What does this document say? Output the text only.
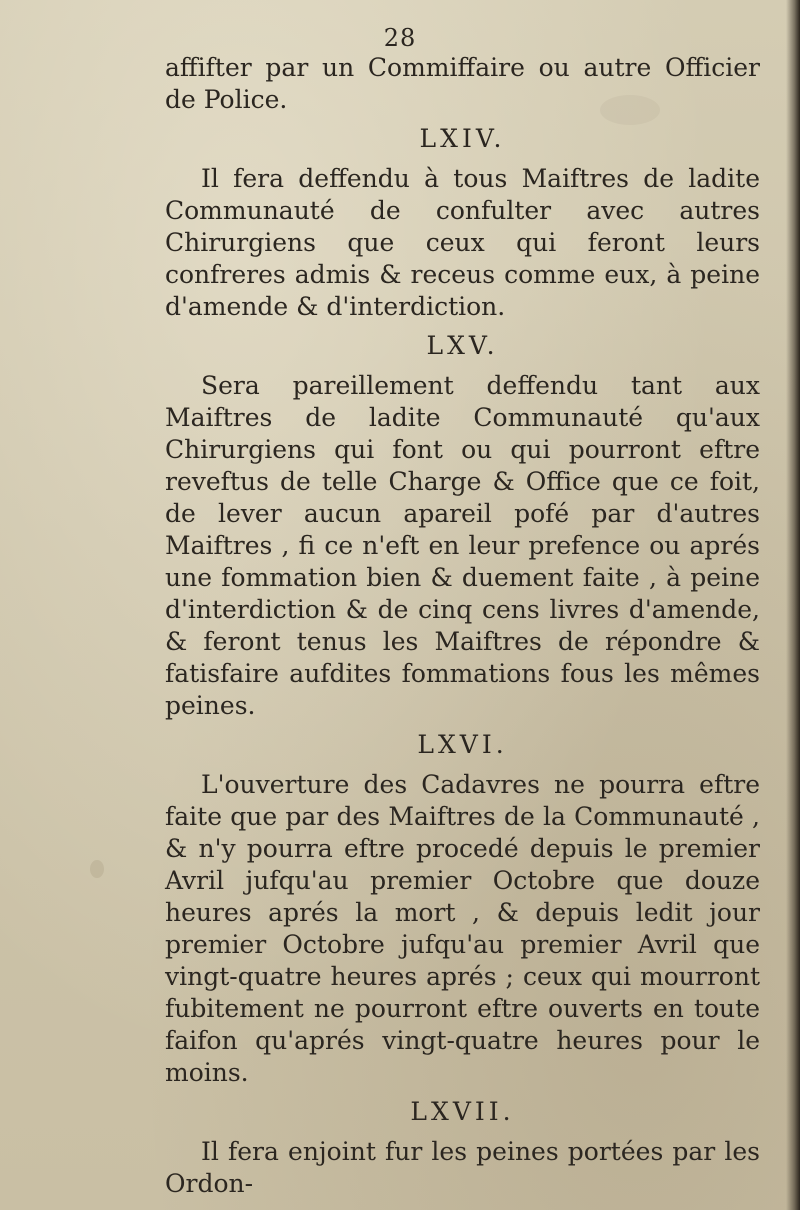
28

affifter par un Commiffaire ou autre Officier de Police.

LXIV.

Il fera deffendu à tous Maiftres de ladite Communauté de confulter avec autres Chirurgiens que ceux qui feront leurs confreres admis & receus comme eux, à peine d'amende & d'interdiction.

LXV.

Sera pareillement deffendu tant aux Maiftres de ladite Communauté qu'aux Chirurgiens qui font ou qui pourront eftre reveftus de telle Charge & Office que ce foit, de lever aucun apareil pofé par d'autres Maiftres , fi ce n'eft en leur prefence ou aprés une fommation bien & duement faite , à peine d'interdiction & de cinq cens livres d'amende, & feront tenus les Maiftres de répondre & fatisfaire aufdites fommations fous les mêmes peines.

LXVI.

L'ouverture des Cadavres ne pourra eftre faite que par des Maiftres de la Communauté , & n'y pourra eftre procedé depuis le premier Avril jufqu'au premier Octobre que douze heures aprés la mort , & depuis ledit jour premier Octobre jufqu'au premier Avril que vingt-quatre heures aprés ; ceux qui mourront fubitement ne pourront eftre ouverts en toute faifon qu'aprés vingt-quatre heures pour le moins.

LXVII.

Il fera enjoint fur les peines portées par les Ordon-
